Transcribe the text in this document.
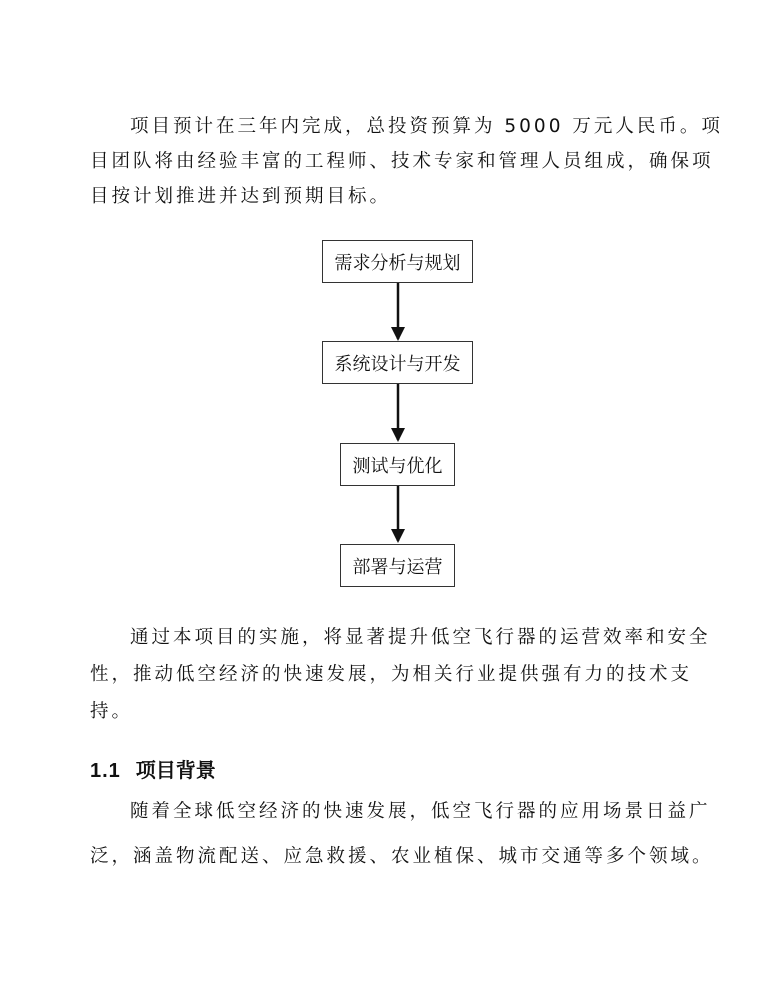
项目预计在三年内完成，总投资预算为 5000 万元人民币。项
目团队将由经验丰富的工程师、技术专家和管理人员组成，确保项
目按计划推进并达到预期目标。
需求分析与规划
系统设计与开发
测试与优化
部署与运营
通过本项目的实施，将显著提升低空飞行器的运营效率和安全
性，推动低空经济的快速发展，为相关行业提供强有力的技术支
持。
1.1 项目背景
随着全球低空经济的快速发展，低空飞行器的应用场景日益广
泛，涵盖物流配送、应急救援、农业植保、城市交通等多个领域。
